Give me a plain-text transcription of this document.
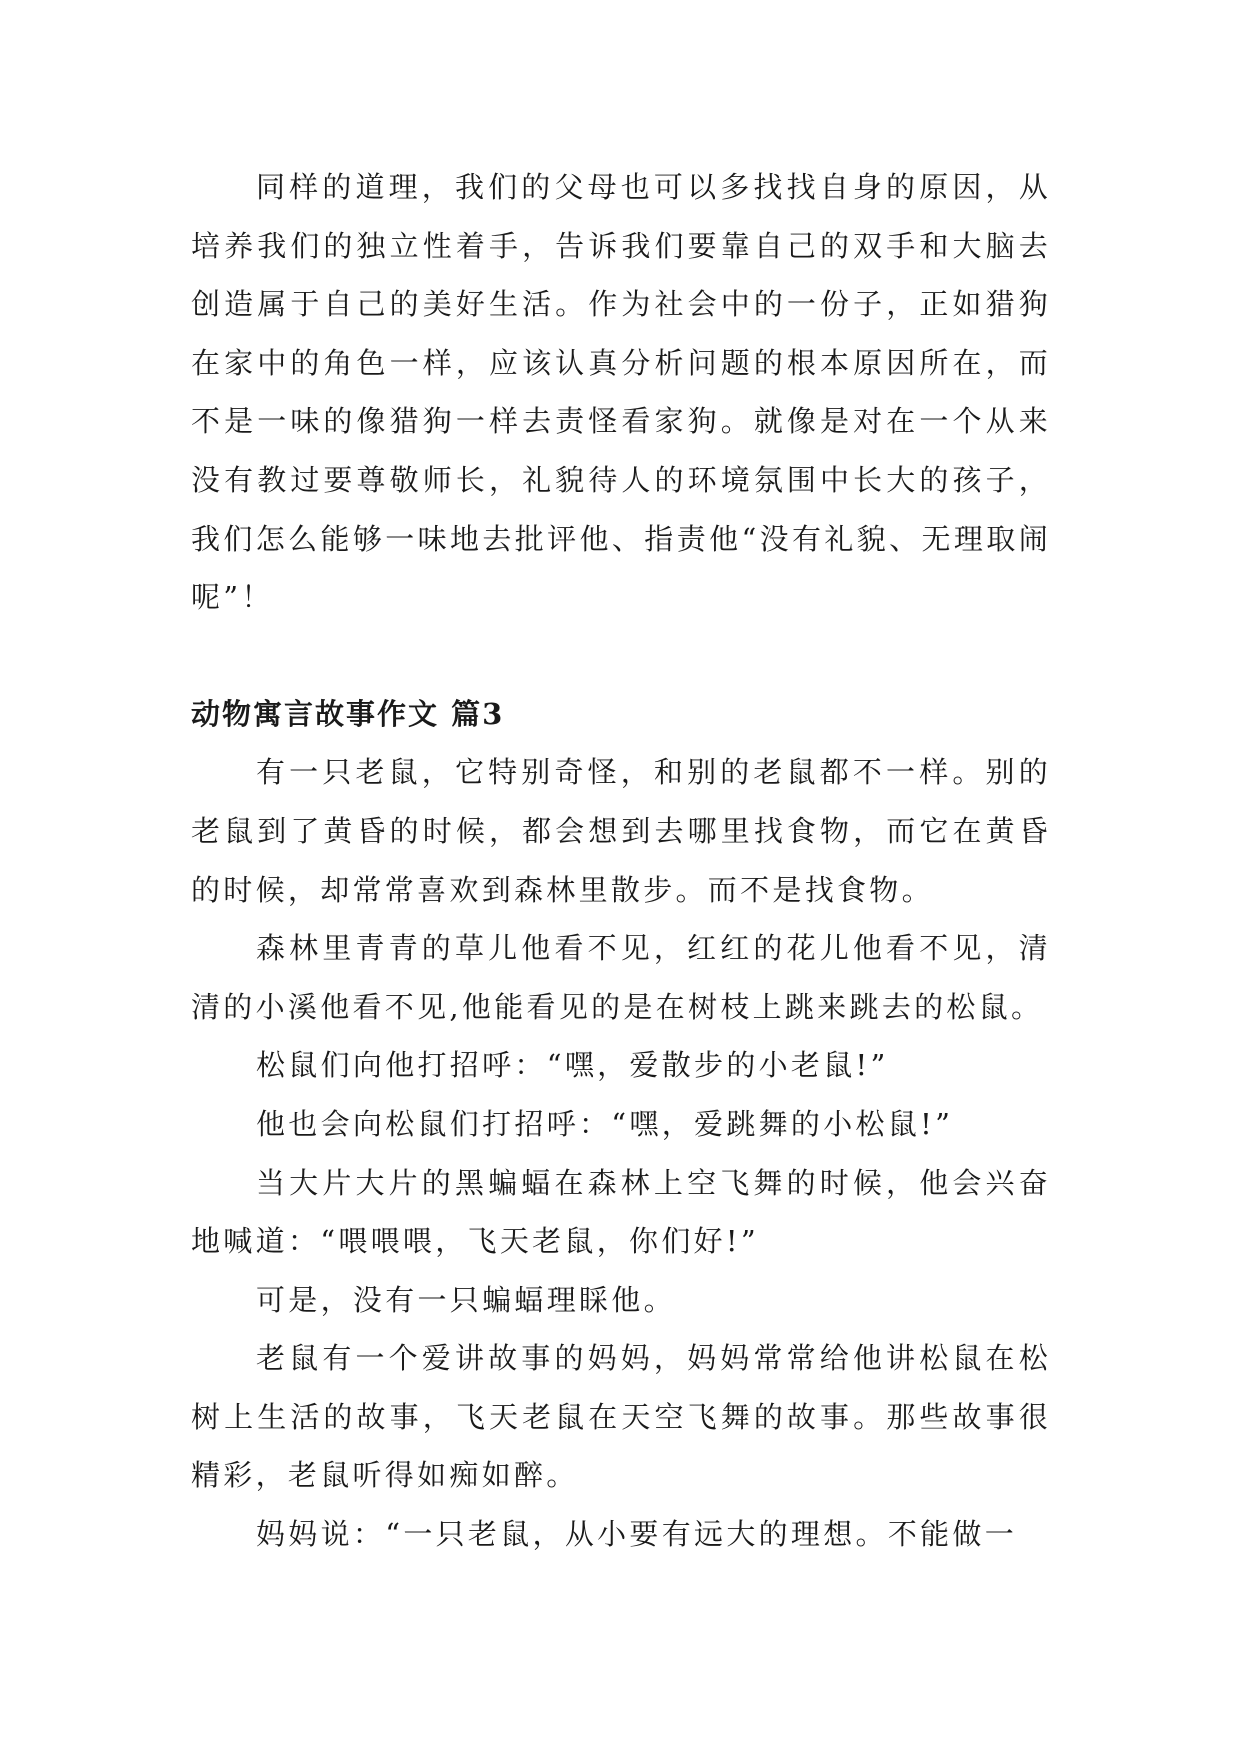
同样的道理，我们的父母也可以多找找自身的原因，从培养我们的独立性着手，告诉我们要靠自己的双手和大脑去创造属于自己的美好生活。作为社会中的一份子，正如猎狗在家中的角色一样，应该认真分析问题的根本原因所在，而不是一味的像猎狗一样去责怪看家狗。就像是对在一个从来没有教过要尊敬师长，礼貌待人的环境氛围中长大的孩子，我们怎么能够一味地去批评他、指责他“没有礼貌、无理取闹呢”！

动物寓言故事作文 篇3

有一只老鼠，它特别奇怪，和别的老鼠都不一样。别的老鼠到了黄昏的时候，都会想到去哪里找食物，而它在黄昏的时候，却常常喜欢到森林里散步。而不是找食物。

森林里青青的草儿他看不见，红红的花儿他看不见，清清的小溪他看不见,他能看见的是在树枝上跳来跳去的松鼠。

松鼠们向他打招呼：“嘿，爱散步的小老鼠!”

他也会向松鼠们打招呼：“嘿，爱跳舞的小松鼠!”

当大片大片的黑蝙蝠在森林上空飞舞的时候，他会兴奋地喊道：“喂喂喂，飞天老鼠，你们好!”

可是，没有一只蝙蝠理睬他。

老鼠有一个爱讲故事的妈妈，妈妈常常给他讲松鼠在松树上生活的故事，飞天老鼠在天空飞舞的故事。那些故事很精彩，老鼠听得如痴如醉。

妈妈说：“一只老鼠，从小要有远大的理想。不能做一
